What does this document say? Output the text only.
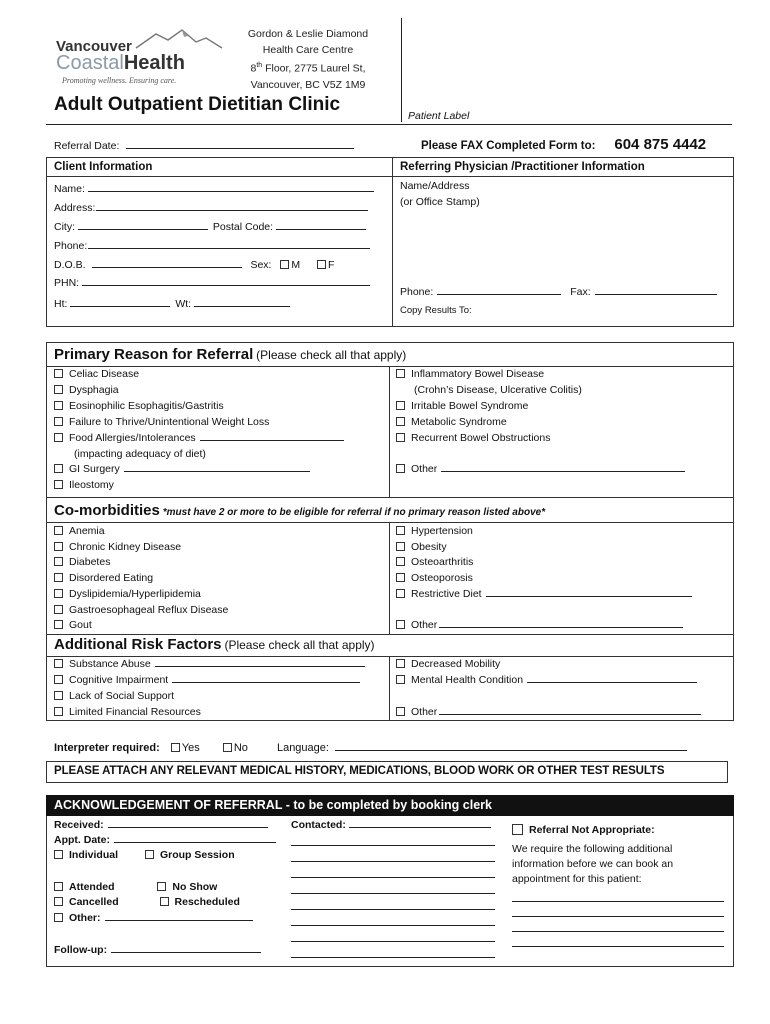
Vancouver
CoastalHealth
Promoting wellness. Ensuring care.
Gordon & Leslie Diamond
Health Care Centre
8th Floor, 2775 Laurel St,
Vancouver, BC V5Z 1M9
Adult Outpatient Dietitian Clinic
Patient Label
Referral Date:	Please FAX Completed Form to: 604 875 4442
Client Information	Referring Physician /Practitioner Information
Name:
Address:
City:	Postal Code:
Phone:
D.O.B.	Sex: M	F
PHN:
Ht:	Wt:
Name/Address
(or Office Stamp)
Phone:	Fax:
Copy Results To:
Primary Reason for Referral (Please check all that apply)
Celiac Disease
Dysphagia
Eosinophilic Esophagitis/Gastritis
Failure to Thrive/Unintentional Weight Loss
Food Allergies/Intolerances
(impacting adequacy of diet)
GI Surgery
Ileostomy
Inflammatory Bowel Disease
(Crohn’s Disease, Ulcerative Colitis)
Irritable Bowel Syndrome
Metabolic Syndrome
Recurrent Bowel Obstructions
Other
Co-morbidities *must have 2 or more to be eligible for referral if no primary reason listed above*
Anemia
Chronic Kidney Disease
Diabetes
Disordered Eating
Dyslipidemia/Hyperlipidemia
Gastroesophageal Reflux Disease
Gout
Hypertension
Obesity
Osteoarthritis
Osteoporosis
Restrictive Diet
Other
Additional Risk Factors (Please check all that apply)
Substance Abuse
Cognitive Impairment
Lack of Social Support
Limited Financial Resources
Decreased Mobility
Mental Health Condition
Other
Interpreter required: Yes	No	Language:
PLEASE ATTACH ANY RELEVANT MEDICAL HISTORY, MEDICATIONS, BLOOD WORK OR OTHER TEST RESULTS
ACKNOWLEDGEMENT OF REFERRAL - to be completed by booking clerk
Received:
Appt. Date:
Individual	Group Session
Attended	No Show
Cancelled	Rescheduled
Other:
Follow-up:
Contacted:	Referral Not Appropriate:
We require the following additional
information before we can book an
appointment for this patient:
